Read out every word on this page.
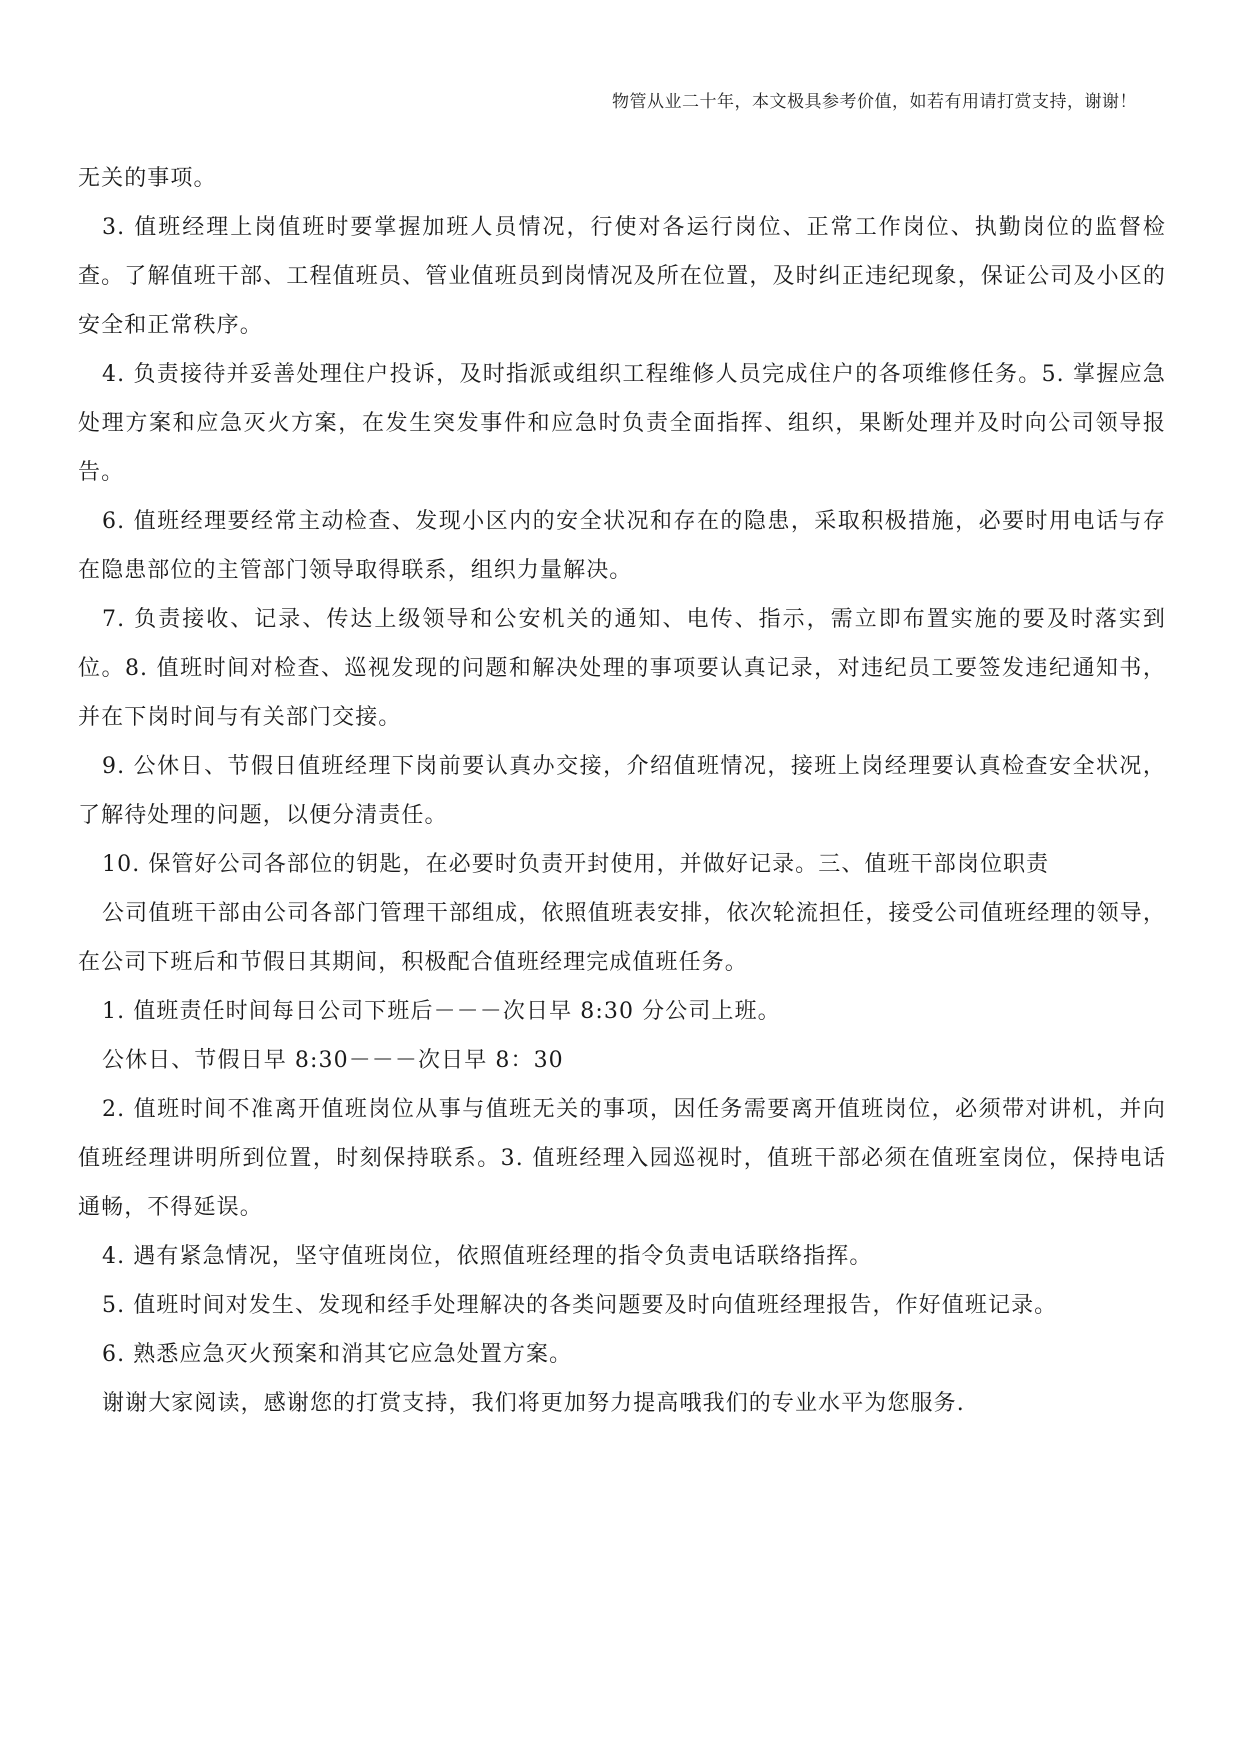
物管从业二十年，本文极具参考价值，如若有用请打赏支持，谢谢！

无关的事项。

3. 值班经理上岗值班时要掌握加班人员情况，行使对各运行岗位、正常工作岗位、执勤岗位的监督检查。了解值班干部、工程值班员、管业值班员到岗情况及所在位置，及时纠正违纪现象，保证公司及小区的安全和正常秩序。

4. 负责接待并妥善处理住户投诉，及时指派或组织工程维修人员完成住户的各项维修任务。5. 掌握应急处理方案和应急灭火方案，在发生突发事件和应急时负责全面指挥、组织，果断处理并及时向公司领导报告。

6. 值班经理要经常主动检查、发现小区内的安全状况和存在的隐患，采取积极措施，必要时用电话与存在隐患部位的主管部门领导取得联系，组织力量解决。

7. 负责接收、记录、传达上级领导和公安机关的通知、电传、指示，需立即布置实施的要及时落实到位。8. 值班时间对检查、巡视发现的问题和解决处理的事项要认真记录，对违纪员工要签发违纪通知书，并在下岗时间与有关部门交接。

9. 公休日、节假日值班经理下岗前要认真办交接，介绍值班情况，接班上岗经理要认真检查安全状况，了解待处理的问题，以便分清责任。

10. 保管好公司各部位的钥匙，在必要时负责开封使用，并做好记录。三、值班干部岗位职责

公司值班干部由公司各部门管理干部组成，依照值班表安排，依次轮流担任，接受公司值班经理的领导，在公司下班后和节假日其期间，积极配合值班经理完成值班任务。

1. 值班责任时间每日公司下班后－－－次日早 8:30 分公司上班。

公休日、节假日早 8:30－－－次日早 8：30

2. 值班时间不准离开值班岗位从事与值班无关的事项，因任务需要离开值班岗位，必须带对讲机，并向值班经理讲明所到位置，时刻保持联系。3. 值班经理入园巡视时，值班干部必须在值班室岗位，保持电话通畅，不得延误。

4. 遇有紧急情况，坚守值班岗位，依照值班经理的指令负责电话联络指挥。

5. 值班时间对发生、发现和经手处理解决的各类问题要及时向值班经理报告，作好值班记录。

6. 熟悉应急灭火预案和消其它应急处置方案。

谢谢大家阅读，感谢您的打赏支持，我们将更加努力提高哦我们的专业水平为您服务.
